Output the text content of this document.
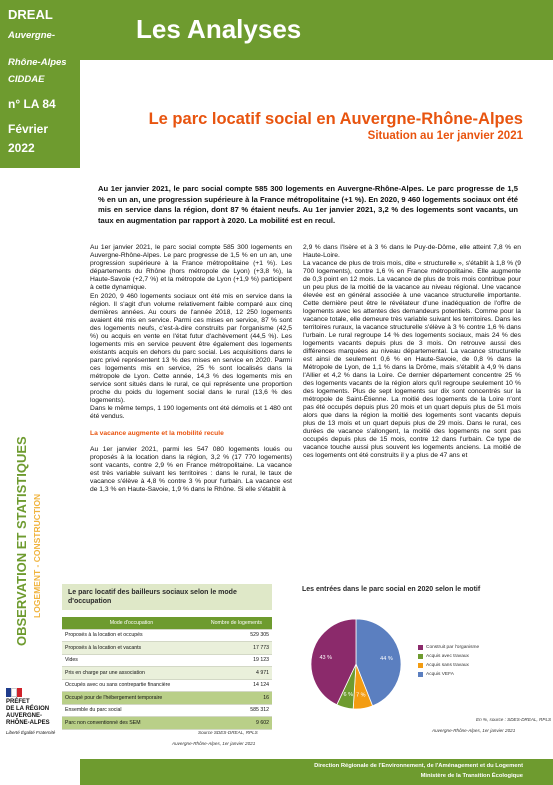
DREAL
Auvergne-
Rhône-Alpes
CIDDAE
n° LA 84
Février
2022
OBSERVATION ET STATISTIQUES LOGEMENT - CONSTRUCTION
PRÉFET
DE LA RÉGION
AUVERGNE-
RHÔNE-ALPES
Liberté Égalité Fraternité
Les Analyses
Le parc locatif social en Auvergne-Rhône-Alpes
Situation au 1er janvier 2021
Au 1er janvier 2021, le parc social compte 585 300 logements en Auvergne-Rhône-Alpes. Le parc progresse de 1,5 % en un an, une progression supérieure à la France métropolitaine (+1 %). En 2020, 9 460 logements sociaux ont été mis en service dans la région, dont 87 % étaient neufs. Au 1er janvier 2021, 3,2 % des logements sont vacants, un taux en augmentation par rapport à 2020. La mobilité est en recul.

Au 1er janvier 2021, le parc social compte 585 300 logements en Auvergne-Rhône-Alpes. Le parc progresse de 1,5 % en un an, une progression supérieure à la France métropolitaine (+1 %). Les départements du Rhône (hors métropole de Lyon) (+3,8 %), la Haute-Savoie (+2,7 %) et la métropole de Lyon (+1,9 %) participent à cette dynamique.

En 2020, 9 460 logements sociaux ont été mis en service dans la région. Il s'agit d'un volume relativement faible comparé aux cinq dernières années. Au cours de l'année 2018, 12 250 logements avaient été mis en service. Parmi ces mises en service, 87 % sont des logements neufs, c'est-à-dire construits par l'organisme (42,5 %) ou acquis en vente en l'état futur d'achèvement (44,5 %). Les logements mis en service peuvent être également des logements existants acquis en dehors du parc social. Les acquisitions dans le parc privé représentent 13 % des mises en service en 2020. Parmi ces logements mis en service, 25 % sont localisés dans la métropole de Lyon. Cette année, 14,3 % des logements mis en service sont situés dans le rural, ce qui représente une proportion proche du poids du logement social dans le rural (13,6 % des logements).

Dans le même temps, 1 190 logements ont été démolis et 1 480 ont été vendus.

La vacance augmente et la mobilité recule

Au 1er janvier 2021, parmi les 547 080 logements loués ou proposés à la location dans la région, 3,2 % (17 770 logements) sont vacants, contre 2,9 % en France métropolitaine. La vacance est très variable suivant les territoires : dans le rural, le taux de vacance s'élève à 4,8 % contre 3 % pour l'urbain. La vacance est de 1,3 % en Haute-Savoie, 1,9 % dans le Rhône. Si elle s'établit à

2,9 % dans l'Isère et à 3 % dans le Puy-de-Dôme, elle atteint 7,8 % en Haute-Loire.

La vacance de plus de trois mois, dite « structurelle », s'établit à 1,8 % (9 700 logements), contre 1,6 % en France métropolitaine. Elle augmente de 0,3 point en 12 mois. La vacance de plus de trois mois contribue pour un peu plus de la moitié de la vacance au niveau régional. Une vacance élevée est en général associée à une vacance structurelle importante. Cette dernière peut être le révélateur d'une inadéquation de l'offre de logements avec les attentes des demandeurs potentiels. Comme pour la vacance totale, elle demeure très variable suivant les territoires. Dans les territoires ruraux, la vacance structurelle s'élève à 3 % contre 1,6 % dans l'urbain. Le rural regroupe 14 % des logements sociaux, mais 24 % des logements vacants depuis plus de 3 mois. On retrouve aussi des différences marquées au niveau départemental. La vacance structurelle est ainsi de seulement 0,6 % en Haute-Savoie, de 0,8 % dans la Métropole de Lyon, de 1,1 % dans la Drôme, mais s'établit à 4,9 % dans l'Allier et 4,2 % dans la Loire. Ce dernier département concentre 25 % des logements vacants de la région alors qu'il regroupe seulement 10 % des logements. Plus de sept logements sur dix sont concentrés sur la métropole de Saint-Étienne. La moitié des logements de la Loire n'ont pas été occupés depuis plus 20 mois et un quart depuis plus de 51 mois alors que dans la région la moitié des logements sont vacants depuis plus de 13 mois et un quart depuis plus de 29 mois. Dans le rural, ces durées de vacance s'allongent, la moitié des logements ne sont pas occupés depuis plus de 15 mois, contre 12 dans l'urbain. Ce type de vacance touche aussi plus souvent les logements anciens. La moitié de ces logements ont été construits il y a plus de 47 ans et

Le parc locatif des bailleurs sociaux selon le mode d'occupation
Mode d'occupation	Nombre de logements
Proposés à la location et occupés	529 305
Proposés à la location et vacants	17 773
Vides	19 123
Pris en charge par une association	4 971
Occupés avec ou sans contrepartie financière	14 124
Occupé pour de l'hébergement temporaire	16
Ensemble du parc social	585 312
Parc non conventionné des SEM	9 602
Source SDES-DREAL, RPLS
Auvergne-Rhône-Alpes, 1er janvier 2021
Les entrées dans le parc social en 2020 selon le motif
44 %
7 %
6 %
43 %
Construit par l'organisme
Acquis avec travaux
Acquis sans travaux
Acquis VEFA
En %, source : SDES-DREAL, RPLS
Auvergne-Rhône-Alpes, 1er janvier 2021
Direction Régionale de l'Environnement, de l'Aménagement et du Logement
Ministère de la Transition Écologique
